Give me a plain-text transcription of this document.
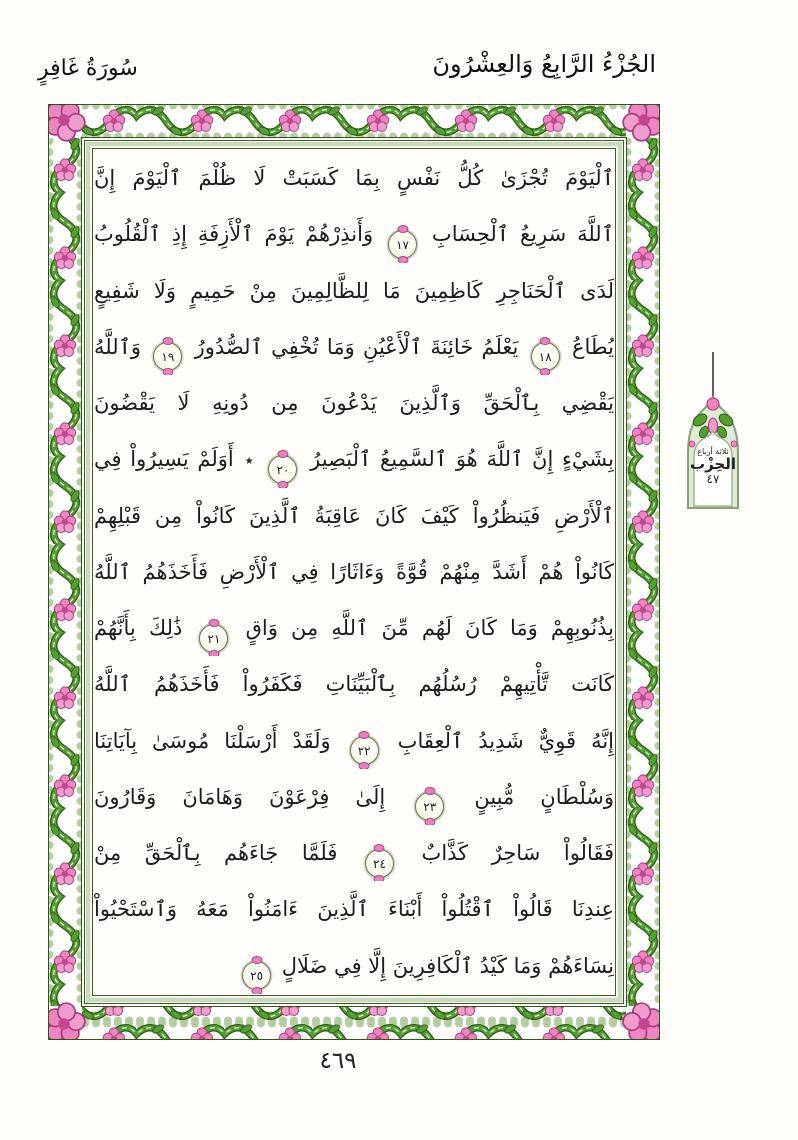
سُورَةُ غَافِرٍ	الجُزْءُ الرَّابِعُ وَالعِشْرُونَ
ٱلْيَوْمَ تُجْزَىٰ كُلُّ نَفْسٍ بِمَا كَسَبَتْ لَا ظُلْمَ ٱلْيَوْمَ إِنَّ
ٱللَّهَ سَرِيعُ ٱلْحِسَابِ
١٧
وَأَنذِرْهُمْ يَوْمَ ٱلْأَزِفَةِ إِذِ ٱلْقُلُوبُ
لَدَى ٱلْحَنَاجِرِ كَاظِمِينَ مَا لِلظَّالِمِينَ مِنْ حَمِيمٍ وَلَا شَفِيعٍ
يُطَاعُ
١٨
يَعْلَمُ خَائِنَةَ ٱلْأَعْيُنِ وَمَا تُخْفِي ٱلصُّدُورُ
١٩
وَٱللَّهُ
يَقْضِي بِٱلْحَقِّ وَٱلَّذِينَ يَدْعُونَ مِن دُونِهِ لَا يَقْضُونَ
بِشَيْءٍ إِنَّ ٱللَّهَ هُوَ ٱلسَّمِيعُ ٱلْبَصِيرُ
٢٠
٭ أَوَلَمْ يَسِيرُواْ فِي
ٱلْأَرْضِ فَيَنظُرُواْ كَيْفَ كَانَ عَاقِبَةُ ٱلَّذِينَ كَانُواْ مِن قَبْلِهِمْ
كَانُواْ هُمْ أَشَدَّ مِنْهُمْ قُوَّةً وَءَاثَارًا فِي ٱلْأَرْضِ فَأَخَذَهُمُ ٱللَّهُ
بِذُنُوبِهِمْ وَمَا كَانَ لَهُم مِّنَ ٱللَّهِ مِن وَاقٍ
٢١
ذَٰلِكَ بِأَنَّهُمْ
كَانَت تَّأْتِيهِمْ رُسُلُهُم بِٱلْبَيِّنَاتِ فَكَفَرُواْ فَأَخَذَهُمُ ٱللَّهُ
إِنَّهُ قَوِيٌّ شَدِيدُ ٱلْعِقَابِ
٢٢
وَلَقَدْ أَرْسَلْنَا مُوسَىٰ بِآيَاتِنَا
وَسُلْطَانٍ مُّبِينٍ
٢٣
إِلَىٰ فِرْعَوْنَ وَهَامَانَ وَقَارُونَ
فَقَالُواْ سَاحِرٌ كَذَّابٌ
٢٤
فَلَمَّا جَاءَهُم بِٱلْحَقِّ مِنْ
عِندِنَا قَالُواْ ٱقْتُلُواْ أَبْنَاءَ ٱلَّذِينَ ءَامَنُواْ مَعَهُ وَٱسْتَحْيُواْ
نِسَاءَهُمْ وَمَا كَيْدُ ٱلْكَافِرِينَ إِلَّا فِي ضَلَالٍ
٢٥
ثلاثة أرباع
الحِزْب
٤٧
٤٦٩
